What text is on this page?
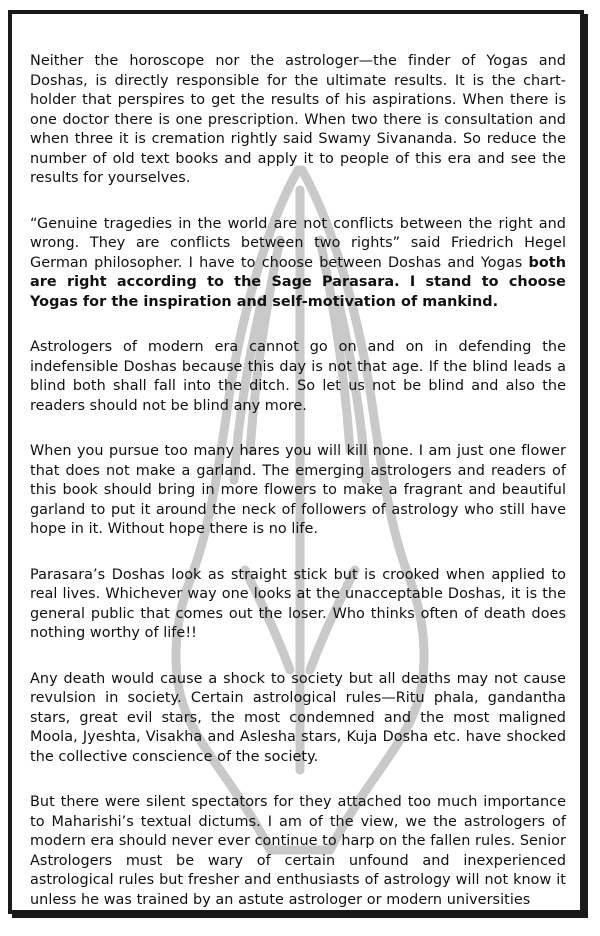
Neither the horoscope nor the astrologer—the finder of Yogas and Doshas, is directly responsible for the ultimate results. It is the chart-holder that perspires to get the results of his aspirations. When there is one doctor there is one prescription. When two there is consultation and when three it is cremation rightly said Swamy Sivananda. So reduce the number of old text books and apply it to people of this era and see the results for yourselves.

“Genuine tragedies in the world are not conflicts between the right and wrong. They are conflicts between two rights” said Friedrich Hegel German philosopher. I have to choose between Doshas and Yogas both are right according to the Sage Parasara. I stand to choose Yogas for the inspiration and self-motivation of mankind.

Astrologers of modern era cannot go on and on in defending the indefensible Doshas because this day is not that age. If the blind leads a blind both shall fall into the ditch. So let us not be blind and also the readers should not be blind any more.

When you pursue too many hares you will kill none. I am just one flower that does not make a garland. The emerging astrologers and readers of this book should bring in more flowers to make a fragrant and beautiful garland to put it around the neck of followers of astrology who still have hope in it. Without hope there is no life.

Parasara’s Doshas look as straight stick but is crooked when applied to real lives. Whichever way one looks at the unacceptable Doshas, it is the general public that comes out the loser. Who thinks often of death does nothing worthy of life!!

Any death would cause a shock to society but all deaths may not cause revulsion in society. Certain astrological rules—Ritu phala, gandantha stars, great evil stars, the most condemned and the most maligned Moola, Jyeshta, Visakha and Aslesha stars, Kuja Dosha etc. have shocked the collective conscience of the society.

But there were silent spectators for they attached too much importance to Maharishi’s textual dictums. I am of the view, we the astrologers of modern era should never ever continue to harp on the fallen rules. Senior Astrologers must be wary of certain unfound and inexperienced astrological rules but fresher and enthusiasts of astrology will not know it unless he was trained by an astute astrologer or modern universities
